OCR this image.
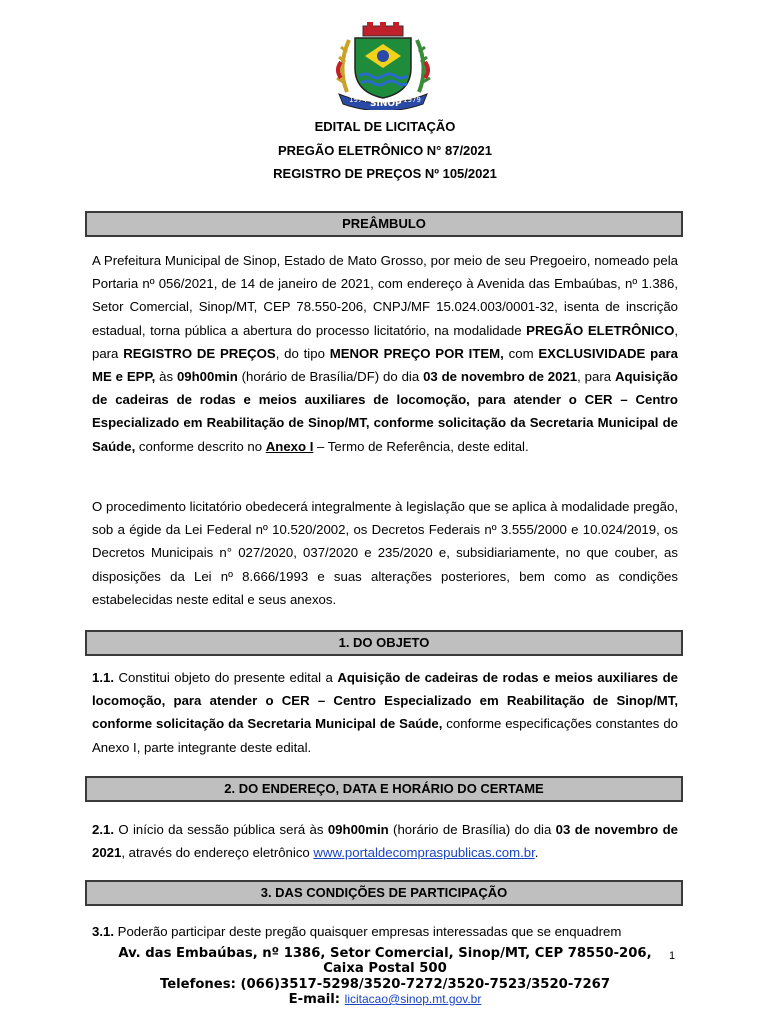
1974 SINOP 1979
EDITAL DE LICITAÇÃO
PREGÃO ELETRÔNICO N° 87/2021
REGISTRO DE PREÇOS Nº 105/2021
PREÂMBULO

A Prefeitura Municipal de Sinop, Estado de Mato Grosso, por meio de seu Pregoeiro, nomeado pela Portaria nº 056/2021, de 14 de janeiro de 2021, com endereço à Avenida das Embaúbas, nº 1.386, Setor Comercial, Sinop/MT, CEP 78.550-206, CNPJ/MF 15.024.003/0001-32, isenta de inscrição estadual, torna pública a abertura do processo licitatório, na modalidade PREGÃO ELETRÔNICO, para REGISTRO DE PREÇOS, do tipo MENOR PREÇO POR ITEM, com EXCLUSIVIDADE para ME e EPP, às 09h00min (horário de Brasília/DF) do dia 03 de novembro de 2021, para Aquisição de cadeiras de rodas e meios auxiliares de locomoção, para atender o CER – Centro Especializado em Reabilitação de Sinop/MT, conforme solicitação da Secretaria Municipal de Saúde, conforme descrito no Anexo I – Termo de Referência, deste edital.

O procedimento licitatório obedecerá integralmente à legislação que se aplica à modalidade pregão, sob a égide da Lei Federal nº 10.520/2002, os Decretos Federais nº 3.555/2000 e 10.024/2019, os Decretos Municipais n° 027/2020, 037/2020 e 235/2020 e, subsidiariamente, no que couber, as disposições da Lei nº 8.666/1993 e suas alterações posteriores, bem como as condições estabelecidas neste edital e seus anexos.

1. DO OBJETO

1.1. Constitui objeto do presente edital a Aquisição de cadeiras de rodas e meios auxiliares de locomoção, para atender o CER – Centro Especializado em Reabilitação de Sinop/MT, conforme solicitação da Secretaria Municipal de Saúde, conforme especificações constantes do Anexo I, parte integrante deste edital.

2. DO ENDEREÇO, DATA E HORÁRIO DO CERTAME

2.1. O início da sessão pública será às 09h00min (horário de Brasília) do dia 03 de novembro de 2021, através do endereço eletrônico www.portaldecompraspublicas.com.br.

3. DAS CONDIÇÕES DE PARTICIPAÇÃO

3.1. Poderão participar deste pregão quaisquer empresas interessadas que se enquadrem

Av. das Embaúbas, nº 1386, Setor Comercial, Sinop/MT, CEP 78550-206,
Caixa Postal 500
Telefones: (066)3517-5298/3520-7272/3520-7523/3520-7267
E-mail: licitacao@sinop.mt.gov.br
1
